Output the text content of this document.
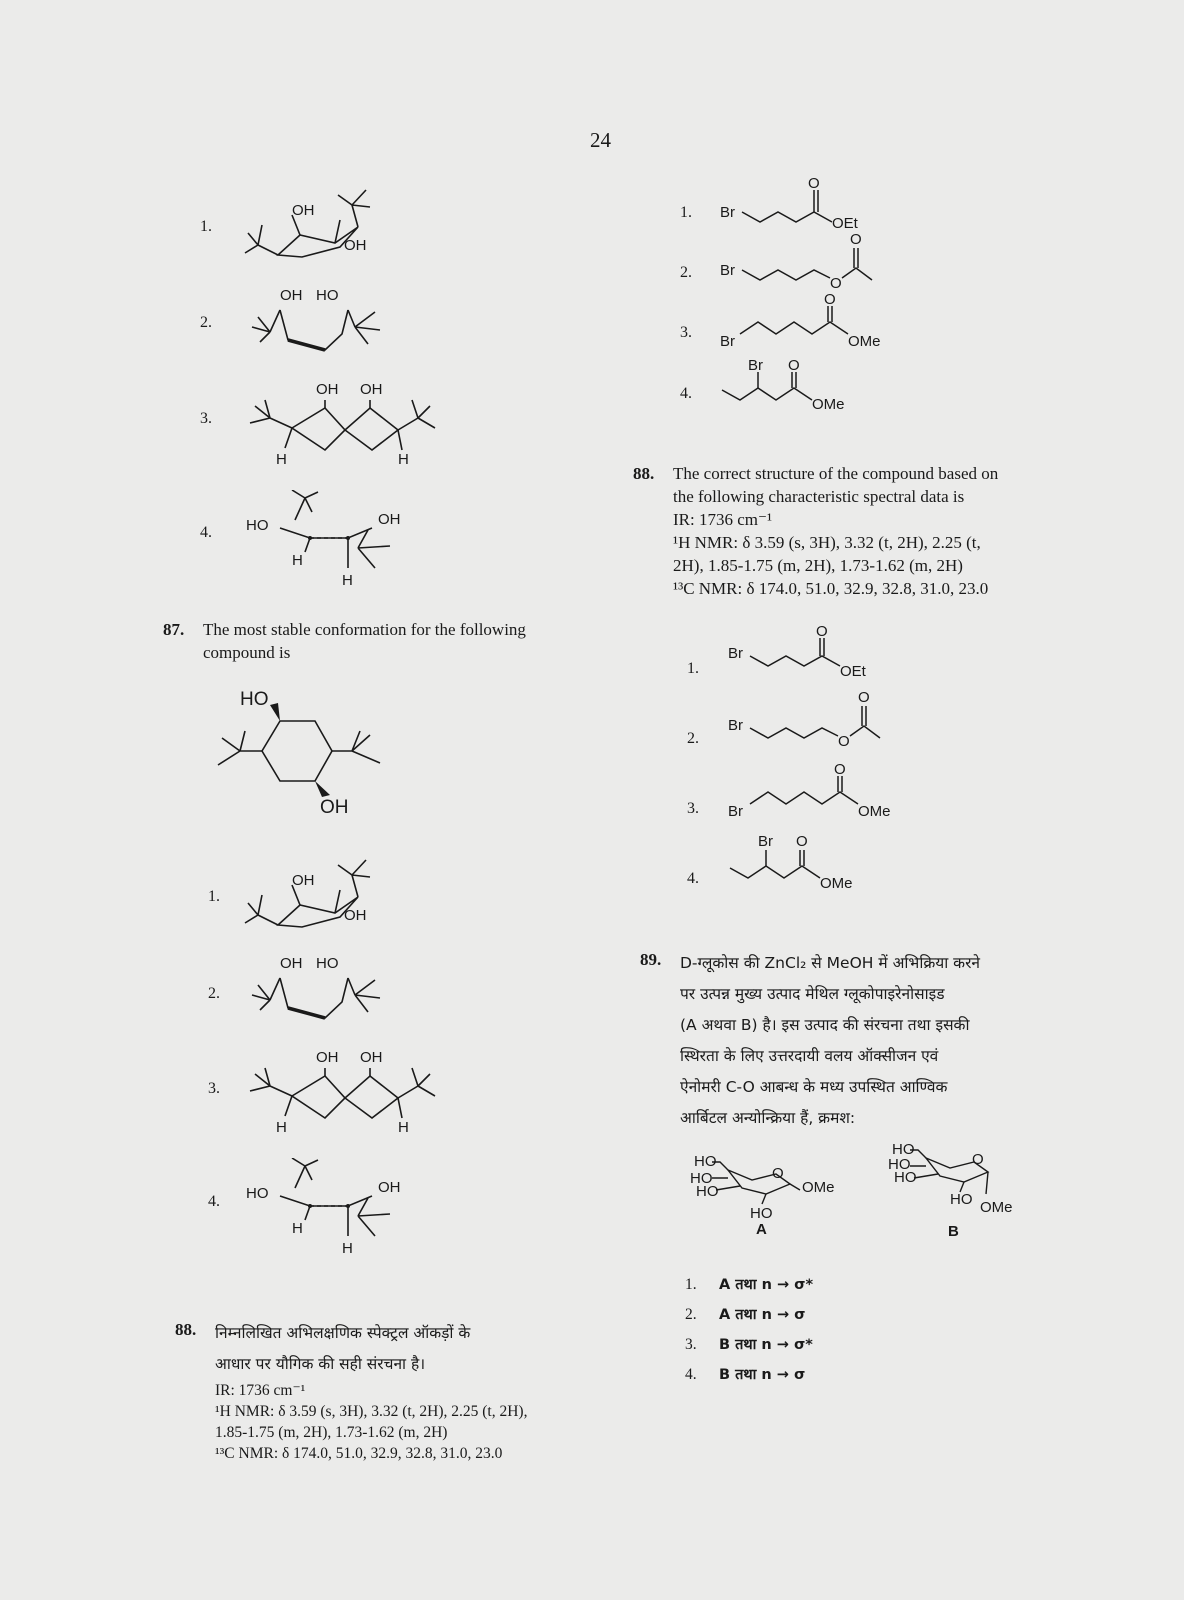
24
1.
2.
3.
4.
OH
OH
OH HO
OH OH
H	H
HO	OH
H
H
87. The most stable conformation for the following
compound is
HO
OH
1.
2.
3.
4.
OH
OH
OH HO
OH OH
H	H
HO	OH
H
H
88. निम्नलिखित अभिलक्षणिक स्पेक्ट्रल ऑकड़ों के
आधार पर यौगिक की सही संरचना है।
IR: 1736 cm⁻¹
¹H NMR: δ 3.59 (s, 3H), 3.32 (t, 2H), 2.25 (t, 2H),
1.85-1.75 (m, 2H), 1.73-1.62 (m, 2H)
¹³C NMR: δ 174.0, 51.0, 32.9, 32.8, 31.0, 23.0
1.
2.
3.
4.
Br
O
OEt
Br
O
O
Br
O
OMe
Br O
OMe
88. The correct structure of the compound based on
the following characteristic spectral data is
IR: 1736 cm⁻¹
¹H NMR: δ 3.59 (s, 3H), 3.32 (t, 2H), 2.25 (t,
2H), 1.85-1.75 (m, 2H), 1.73-1.62 (m, 2H)
¹³C NMR: δ 174.0, 51.0, 32.9, 32.8, 31.0, 23.0
1.
2.
3.
4.
Br
O
OEt
Br
O
O
Br
O
OMe
Br O
OMe
89. D-ग्लूकोस की ZnCl₂ से MeOH में अभिक्रिया करने
पर उत्पन्न मुख्य उत्पाद मेथिल ग्लूकोपाइरेनोसाइड
(A अथवा B) है। इस उत्पाद की संरचना तथा इसकी
स्थिरता के लिए उत्तरदायी वलय ऑक्सीजन एवं
ऐनोमरी C-O आबन्ध के मध्य उपस्थित आण्विक
आर्बिटल अन्योन्क्रिया हैं, क्रमश:
HO
HO
HO
O
OMe
HO
A
HO
HO
HO
O
HO OMe
B
1. A तथा n → σ*
2. A तथा n → σ
3. B तथा n → σ*
4. B तथा n → σ
